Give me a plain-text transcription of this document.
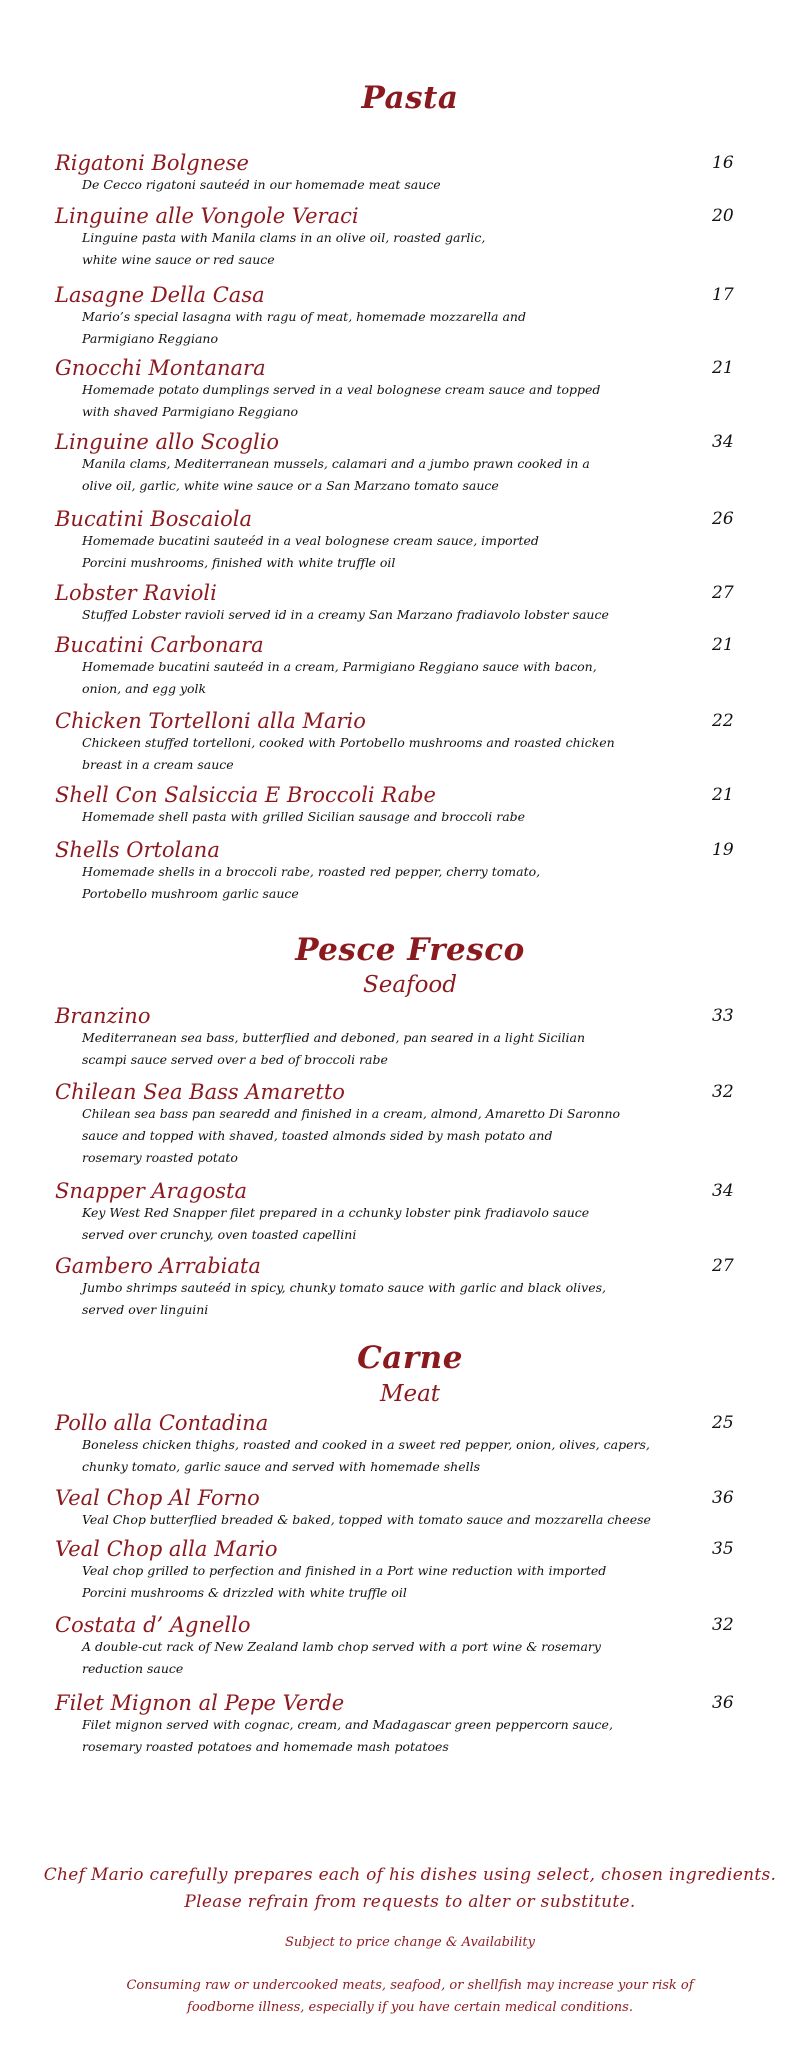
Pasta
Rigatoni Bolgnese	16
De Cecco rigatoni sauteéd in our homemade meat sauce
Linguine alle Vongole Veraci	20
Linguine pasta with Manila clams in an olive oil, roasted garlic,
white wine sauce or red sauce
Lasagne Della Casa	17
Mario’s special lasagna with ragu of meat, homemade mozzarella and
Parmigiano Reggiano
Gnocchi Montanara	21
Homemade potato dumplings served in a veal bolognese cream sauce and topped
with shaved Parmigiano Reggiano
Linguine allo Scoglio	34
Manila clams, Mediterranean mussels, calamari and a jumbo prawn cooked in a
olive oil, garlic, white wine sauce or a San Marzano tomato sauce
Bucatini Boscaiola	26
Homemade bucatini sauteéd in a veal bolognese cream sauce, imported
Porcini mushrooms, finished with white truffle oil
Lobster Ravioli	27
Stuffed Lobster ravioli served id in a creamy San Marzano fradiavolo lobster sauce
Bucatini Carbonara	21
Homemade bucatini sauteéd in a cream, Parmigiano Reggiano sauce with bacon,
onion, and egg yolk
Chicken Tortelloni alla Mario	22
Chickeen stuffed tortelloni, cooked with Portobello mushrooms and roasted chicken
breast in a cream sauce
Shell Con Salsiccia E Broccoli Rabe	21
Homemade shell pasta with grilled Sicilian sausage and broccoli rabe
Shells Ortolana	19
Homemade shells in a broccoli rabe, roasted red pepper, cherry tomato,
Portobello mushroom garlic sauce
Pesce Fresco
Seafood
Branzino	33
Mediterranean sea bass, butterflied and deboned, pan seared in a light Sicilian
scampi sauce served over a bed of broccoli rabe
Chilean Sea Bass Amaretto	32
Chilean sea bass pan searedd and finished in a cream, almond, Amaretto Di Saronno
sauce and topped with shaved, toasted almonds sided by mash potato and
rosemary roasted potato
Snapper Aragosta	34
Key West Red Snapper filet prepared in a cchunky lobster pink fradiavolo sauce
served over crunchy, oven toasted capellini
Gambero Arrabiata	27
Jumbo shrimps sauteéd in spicy, chunky tomato sauce with garlic and black olives,
served over linguini
Carne
Meat
Pollo alla Contadina	25
Boneless chicken thighs, roasted and cooked in a sweet red pepper, onion, olives, capers,
chunky tomato, garlic sauce and served with homemade shells
Veal Chop Al Forno	36
Veal Chop butterflied breaded & baked, topped with tomato sauce and mozzarella cheese
Veal Chop alla Mario	35
Veal chop grilled to perfection and finished in a Port wine reduction with imported
Porcini mushrooms & drizzled with white truffle oil
Costata d’ Agnello	32
A double-cut rack of New Zealand lamb chop served with a port wine & rosemary
reduction sauce
Filet Mignon al Pepe Verde	36
Filet mignon served with cognac, cream, and Madagascar green peppercorn sauce,
rosemary roasted potatoes and homemade mash potatoes
Chef Mario carefully prepares each of his dishes using select, chosen ingredients.
Please refrain from requests to alter or substitute.
Subject to price change & Availability
Consuming raw or undercooked meats, seafood, or shellfish may increase your risk of
foodborne illness, especially if you have certain medical conditions.
